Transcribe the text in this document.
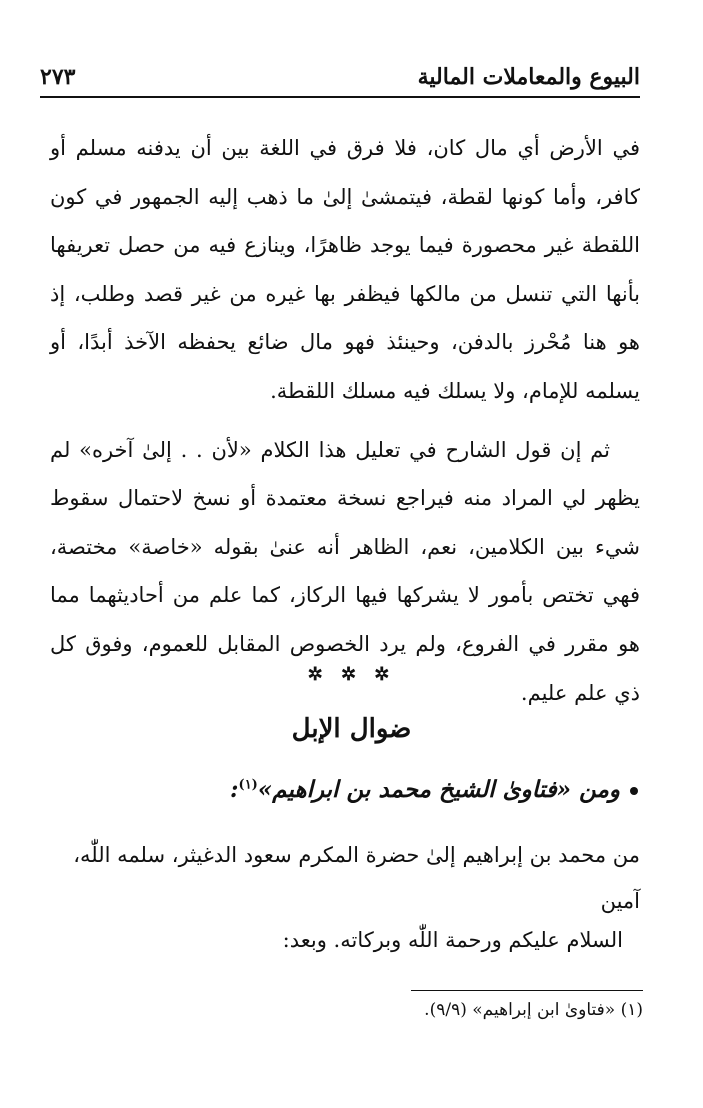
البيوع والمعاملات المالية
٢٧٣

في الأرض أي مال كان، فلا فرق في اللغة بين أن يدفنه مسلم أو كافر، وأما كونها لقطة، فيتمشىٰ إلىٰ ما ذهب إليه الجمهور في كون اللقطة غير محصورة فيما يوجد ظاهرًا، وينازع فيه من حصل تعريفها بأنها التي تنسل من مالكها فيظفر بها غيره من غير قصد وطلب، إذ هو هنا مُحْرز بالدفن، وحينئذ فهو مال ضائع يحفظه الآخذ أبدًا، أو يسلمه للإمام، ولا يسلك فيه مسلك اللقطة.

ثم إن قول الشارح في تعليل هذا الكلام «لأن . . إلىٰ آخره» لم يظهر لي المراد منه فيراجع نسخة معتمدة أو نسخ لاحتمال سقوط شيء بين الكلامين، نعم، الظاهر أنه عنىٰ بقوله «خاصة» مختصة، فهي تختص بأمور لا يشركها فيها الركاز، كما علم من أحاديثهما مما هو مقرر في الفروع، ولم يرد الخصوص المقابل للعموم، وفوق كل ذي علم عليم.

✲ ✲ ✲
ضوال الإبل
ومن «فتاوىٰ الشيخ محمد بن ابراهيم»$^{(١)}$:

من محمد بن إبراهيم إلىٰ حضرة المكرم سعود الدغيثر، سلمه اللّٰه،

آمين

السلام عليكم ورحمة اللّٰه وبركاته. وبعد:
(١) «فتاوىٰ ابن إبراهيم» (٩/٩).
